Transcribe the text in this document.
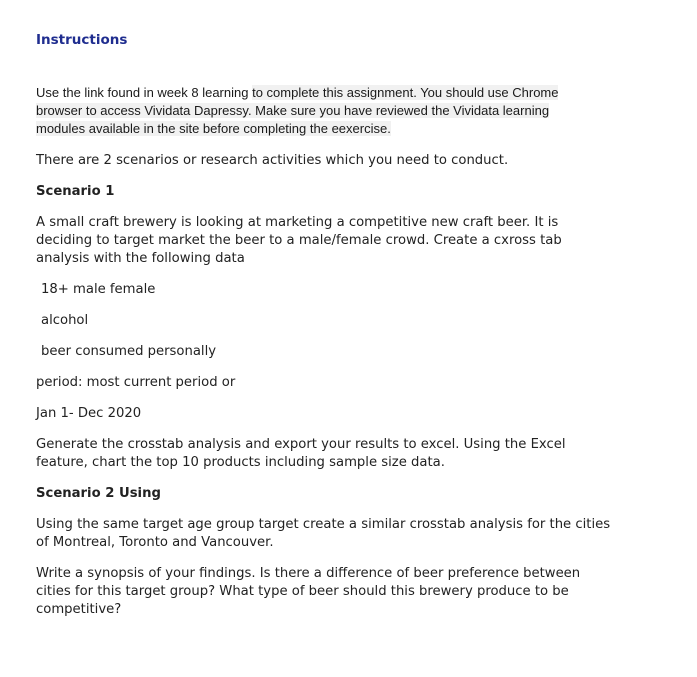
Instructions
Use the link found in week 8 learning to complete this assignment. You should use Chrome browser to access Vividata Dapressy. Make sure you have reviewed the Vividata learning modules available in the site before completing the eexercise.

There are 2 scenarios or research activities which you need to conduct.

Scenario 1

A small craft brewery is looking at marketing a competitive new craft beer. It is deciding to target market the beer to a male/female crowd. Create a cxross tab analysis with the following data

18+ male female

alcohol

beer consumed personally

period: most current period or

Jan 1- Dec 2020

Generate the crosstab analysis and export your results to excel. Using the Excel feature, chart the top 10 products including sample size data.

Scenario 2 Using

Using the same target age group target create a similar crosstab analysis for the cities of Montreal, Toronto and Vancouver.

Write a synopsis of your findings. Is there a difference of beer preference between cities for this target group? What type of beer should this brewery produce to be competitive?
